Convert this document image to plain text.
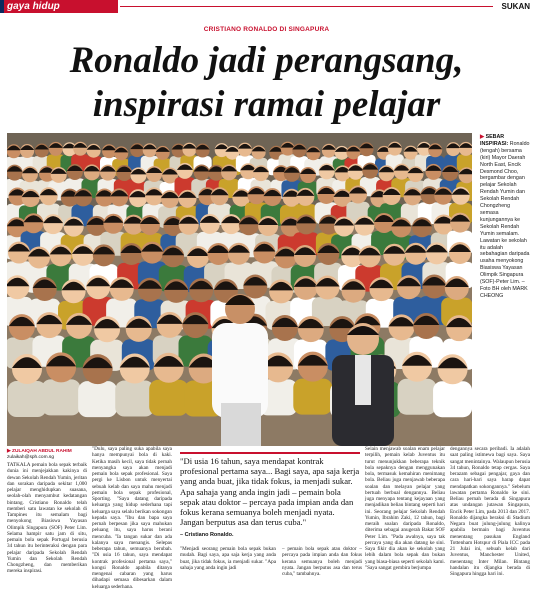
gaya hidup	SUKAN
CRISTIANO RONALDO DI SINGAPURA
Ronaldo jadi perangsang,
inspirasi ramai pelajar
▶ SEBAR INSPIRASI: Ronaldo (tengah) bersama (kiri) Mayor Daerah North East, Encik Desmond Choo, bergambar dengan pelajar Sekolah Rendah Yumin dan Sekolah Rendah Chongzheng semasa kunjungannya ke Sekolah Rendah Yumin semalam. Lawatan ke sekolah itu adalah sebahagian daripada usaha menyokong Biasiswa Yayasan Olimpik Singapura (SOF)-Peter Lim. – Foto BH oleh MARK CHEONG
▶ ZULAIQAH ABDUL RAHIM
zulaikah@sph.com.sg
TATKALA pemain bola sepak terbaik dunia ini menjejakkan kakinya di dewan Sekolah Rendah Yumin, jeritan dan sorakan daripada sekitar 1,000 pelajar menghidupkan suasana, seolah-olah menyambut kedatangan bintang. Cristiano Ronaldo telah memberi satu lawatan ke sekolah di Tampines itu semalam bagi menyokong Biasiswa Yayasan Olimpik Singapura (SOF) Peter Lim. Selama hampir satu jam di situ, pemain bola sepak Portugal berusia 34 tahun itu berinteraksi dengan para pelajar daripada Sekolah Rendah Yumin dan Sekolah Rendah Chongzheng, dan memberikan mereka inspirasi.
"Dulu, saya paling suka apabila saya hanya mempunyai bola di kaki. Ketika masih kecil, saya tidak pernah menyangka saya akan menjadi pemain bola sepak profesional. Saya pergi ke Lisbon untuk menyertai sebuah kelab dan saya mahu menjadi pemain bola sepak profesional, Sporting. "Saya datang daripada keluarga yang hidup sederhana tapi keluarga saya selalu berikan sokongan kepada saya. "Ibu dan bapa saya pernah berpesan jika saya mahukan peluang itu, saya harus berani mencuba. "Ia tangan sukar dan ada kalanya saya menangis. Selepas beberapa tahun, semuanya berubah. "Di usia 16 tahun, saya mendapat kontrak profesional pertama saya," kongsi Ronaldo apabila ditanya mengenai cabaran yang harus dihadapi semasa dibesarkan dalam keluarga sederhana.
"Di usia 16 tahun, saya mendapat kontrak profesional pertama saya... Bagi saya, apa saja kerja yang anda buat, jika tidak fokus, ia menjadi sukar. Apa sahaja yang anda ingin jadi – pemain bola sepak atau doktor – percaya pada impian anda dan fokus kerana semuanya boleh menjadi nyata. Jangan berputus asa dan terus cuba."
– Cristiano Ronaldo.
"Menjadi seorang pemain bola sepak bukan mudah. Bagi saya, apa saja kerja yang anda buat, jika tidak fokus, ia menjadi sukar. "Apa sahaja yang anda ingin jadi
– pemain bola sepak atau doktor – percaya pada impian anda dan fokus kerana semuanya boleh menjadi nyata. Jangan berputus asa dan terus cuba," tambahnya.
Selain menjawab soalan enam pelajar terpilih, pemain kelab Juventus itu turut menunjukkan beberapa teknik bola sepaknya dengan menggunakan bola, termasuk kemahiran menimang bola. Beliau juga menjawab beberapa soalan dan melayan pelajar yang bertuah berbual dengannya. Beliau juga menyapa tentang kejayaan yang menjadikan beliau bintang seperti hari ini. Seorang pelajar Sekolah Rendah Yumin, Ibrahim Zaki, 12 tahun, bagi meraih soalan daripada Ronaldo, diterima sebagai anugerah Bakat SOF Peter Lim. "Pada awalnya, saya tak percaya yang dia akan datang ke sini. Saya fikir dia akan ke sekolah yang lebih dalam bola sepak dan bukan yang biasa-biasa seperti sekolah kami. "Saya sangat gembira berjumpa
dengannya secara peribadi. Ia adalah saat paling istimewa bagi saya. Saya sangat menintainya. Walaupun berusia 34 tahun, Ronaldo tetap cergas. Saya berazam sebagai pengajar, gaya dan cara hari-hari saya harap dapat mendapatkan sokongannya." Sebelum lawatan pertama Ronaldo ke sini. Beliau pernah berada di Singapura atas undangan jutawan Singapura, Encik Peter Lim, pada 2013 dan 2017. Ronaldo dijangka beraksi di Stadium Negara buat julung-julung kalinya apabila bermain bagi Juventus menentang pasukan England Tottenham Hotspur di Piala ICC pada 21 Julai ini, sebuah kelab dari Juventus, Manchester United, menentang Inter Milan. Bintang handalan itu dijangka berada di Singapura hingga hari ini.
